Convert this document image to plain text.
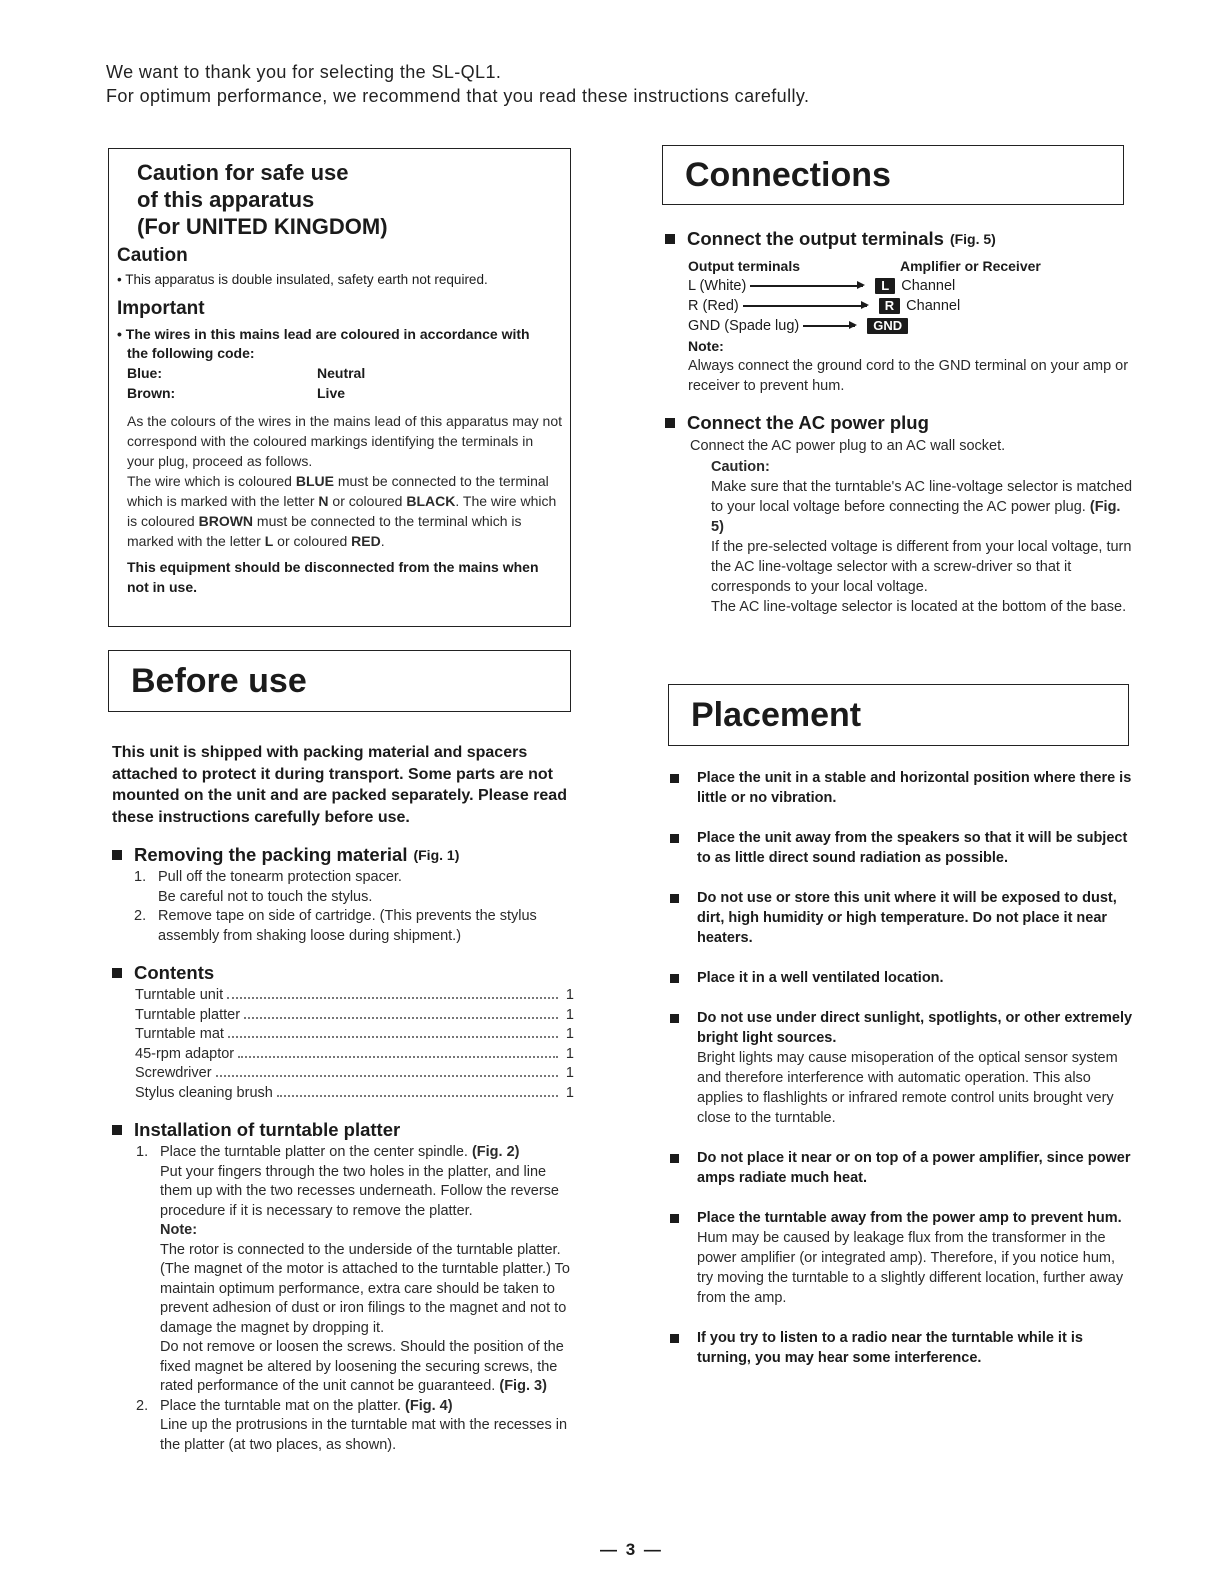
We want to thank you for selecting the SL-QL1.

For optimum performance, we recommend that you read these instructions carefully.

Caution for safe use
of this apparatus
(For UNITED KINGDOM)
Caution
• This apparatus is double insulated, safety earth not required.
Important
• The wires in this mains lead are coloured in accordance with
the following code:
Blue:	Neutral
Brown:	Live
As the colours of the wires in the mains lead of this apparatus may not correspond with the coloured markings identifying the terminals in your plug, proceed as follows.
The wire which is coloured BLUE must be connected to the terminal which is marked with the letter N or coloured BLACK. The wire which is coloured BROWN must be connected to the terminal which is marked with the letter L or coloured RED.
This equipment should be disconnected from the mains when not in use.
Connections
Connect the output terminals (Fig. 5)
Output terminals	Amplifier or Receiver
L (White)	L Channel
R (Red)	R Channel
GND (Spade lug)	GND
Note:
Always connect the ground cord to the GND terminal on your amp or receiver to prevent hum.
Connect the AC power plug
Connect the AC power plug to an AC wall socket.
Caution:
Make sure that the turntable's AC line-voltage selector is matched to your local voltage before connecting the AC power plug. (Fig. 5)
If the pre-selected voltage is different from your local voltage, turn the AC line-voltage selector with a screw-driver so that it corresponds to your local voltage.
The AC line-voltage selector is located at the bottom of the base.
Before use
This unit is shipped with packing material and spacers attached to protect it during transport. Some parts are not mounted on the unit and are packed separately. Please read these instructions carefully before use.
Removing the packing material (Fig. 1)
1. Pull off the tonearm protection spacer.
Be careful not to touch the stylus.
2. Remove tape on side of cartridge. (This prevents the stylus assembly from shaking loose during shipment.)
Contents
Turntable unit	1
Turntable platter	1
Turntable mat	1
45-rpm adaptor	1
Screwdriver	1
Stylus cleaning brush	1
Installation of turntable platter
1. Place the turntable platter on the center spindle. (Fig. 2)
Put your fingers through the two holes in the platter, and line them up with the two recesses underneath. Follow the reverse procedure if it is necessary to remove the platter.
Note:
The rotor is connected to the underside of the turntable platter. (The magnet of the motor is attached to the turntable platter.) To maintain optimum performance, extra care should be taken to prevent adhesion of dust or iron filings to the magnet and not to damage the magnet by dropping it.
Do not remove or loosen the screws. Should the position of the fixed magnet be altered by loosening the securing screws, the rated performance of the unit cannot be guaranteed. (Fig. 3)
2. Place the turntable mat on the platter. (Fig. 4)
Line up the protrusions in the turntable mat with the recesses in the platter (at two places, as shown).
Placement
Place the unit in a stable and horizontal position where there is little or no vibration.
Place the unit away from the speakers so that it will be subject to as little direct sound radiation as possible.
Do not use or store this unit where it will be exposed to dust, dirt, high humidity or high temperature. Do not place it near heaters.
Place it in a well ventilated location.
Do not use under direct sunlight, spotlights, or other extremely bright light sources.
Bright lights may cause misoperation of the optical sensor system and therefore interference with automatic operation. This also applies to flashlights or infrared remote control units brought very close to the turntable.
Do not place it near or on top of a power amplifier, since power amps radiate much heat.
Place the turntable away from the power amp to prevent hum.
Hum may be caused by leakage flux from the transformer in the power amplifier (or integrated amp). Therefore, if you notice hum, try moving the turntable to a slightly different location, further away from the amp.
If you try to listen to a radio near the turntable while it is turning, you may hear some interference.
— 3 —
